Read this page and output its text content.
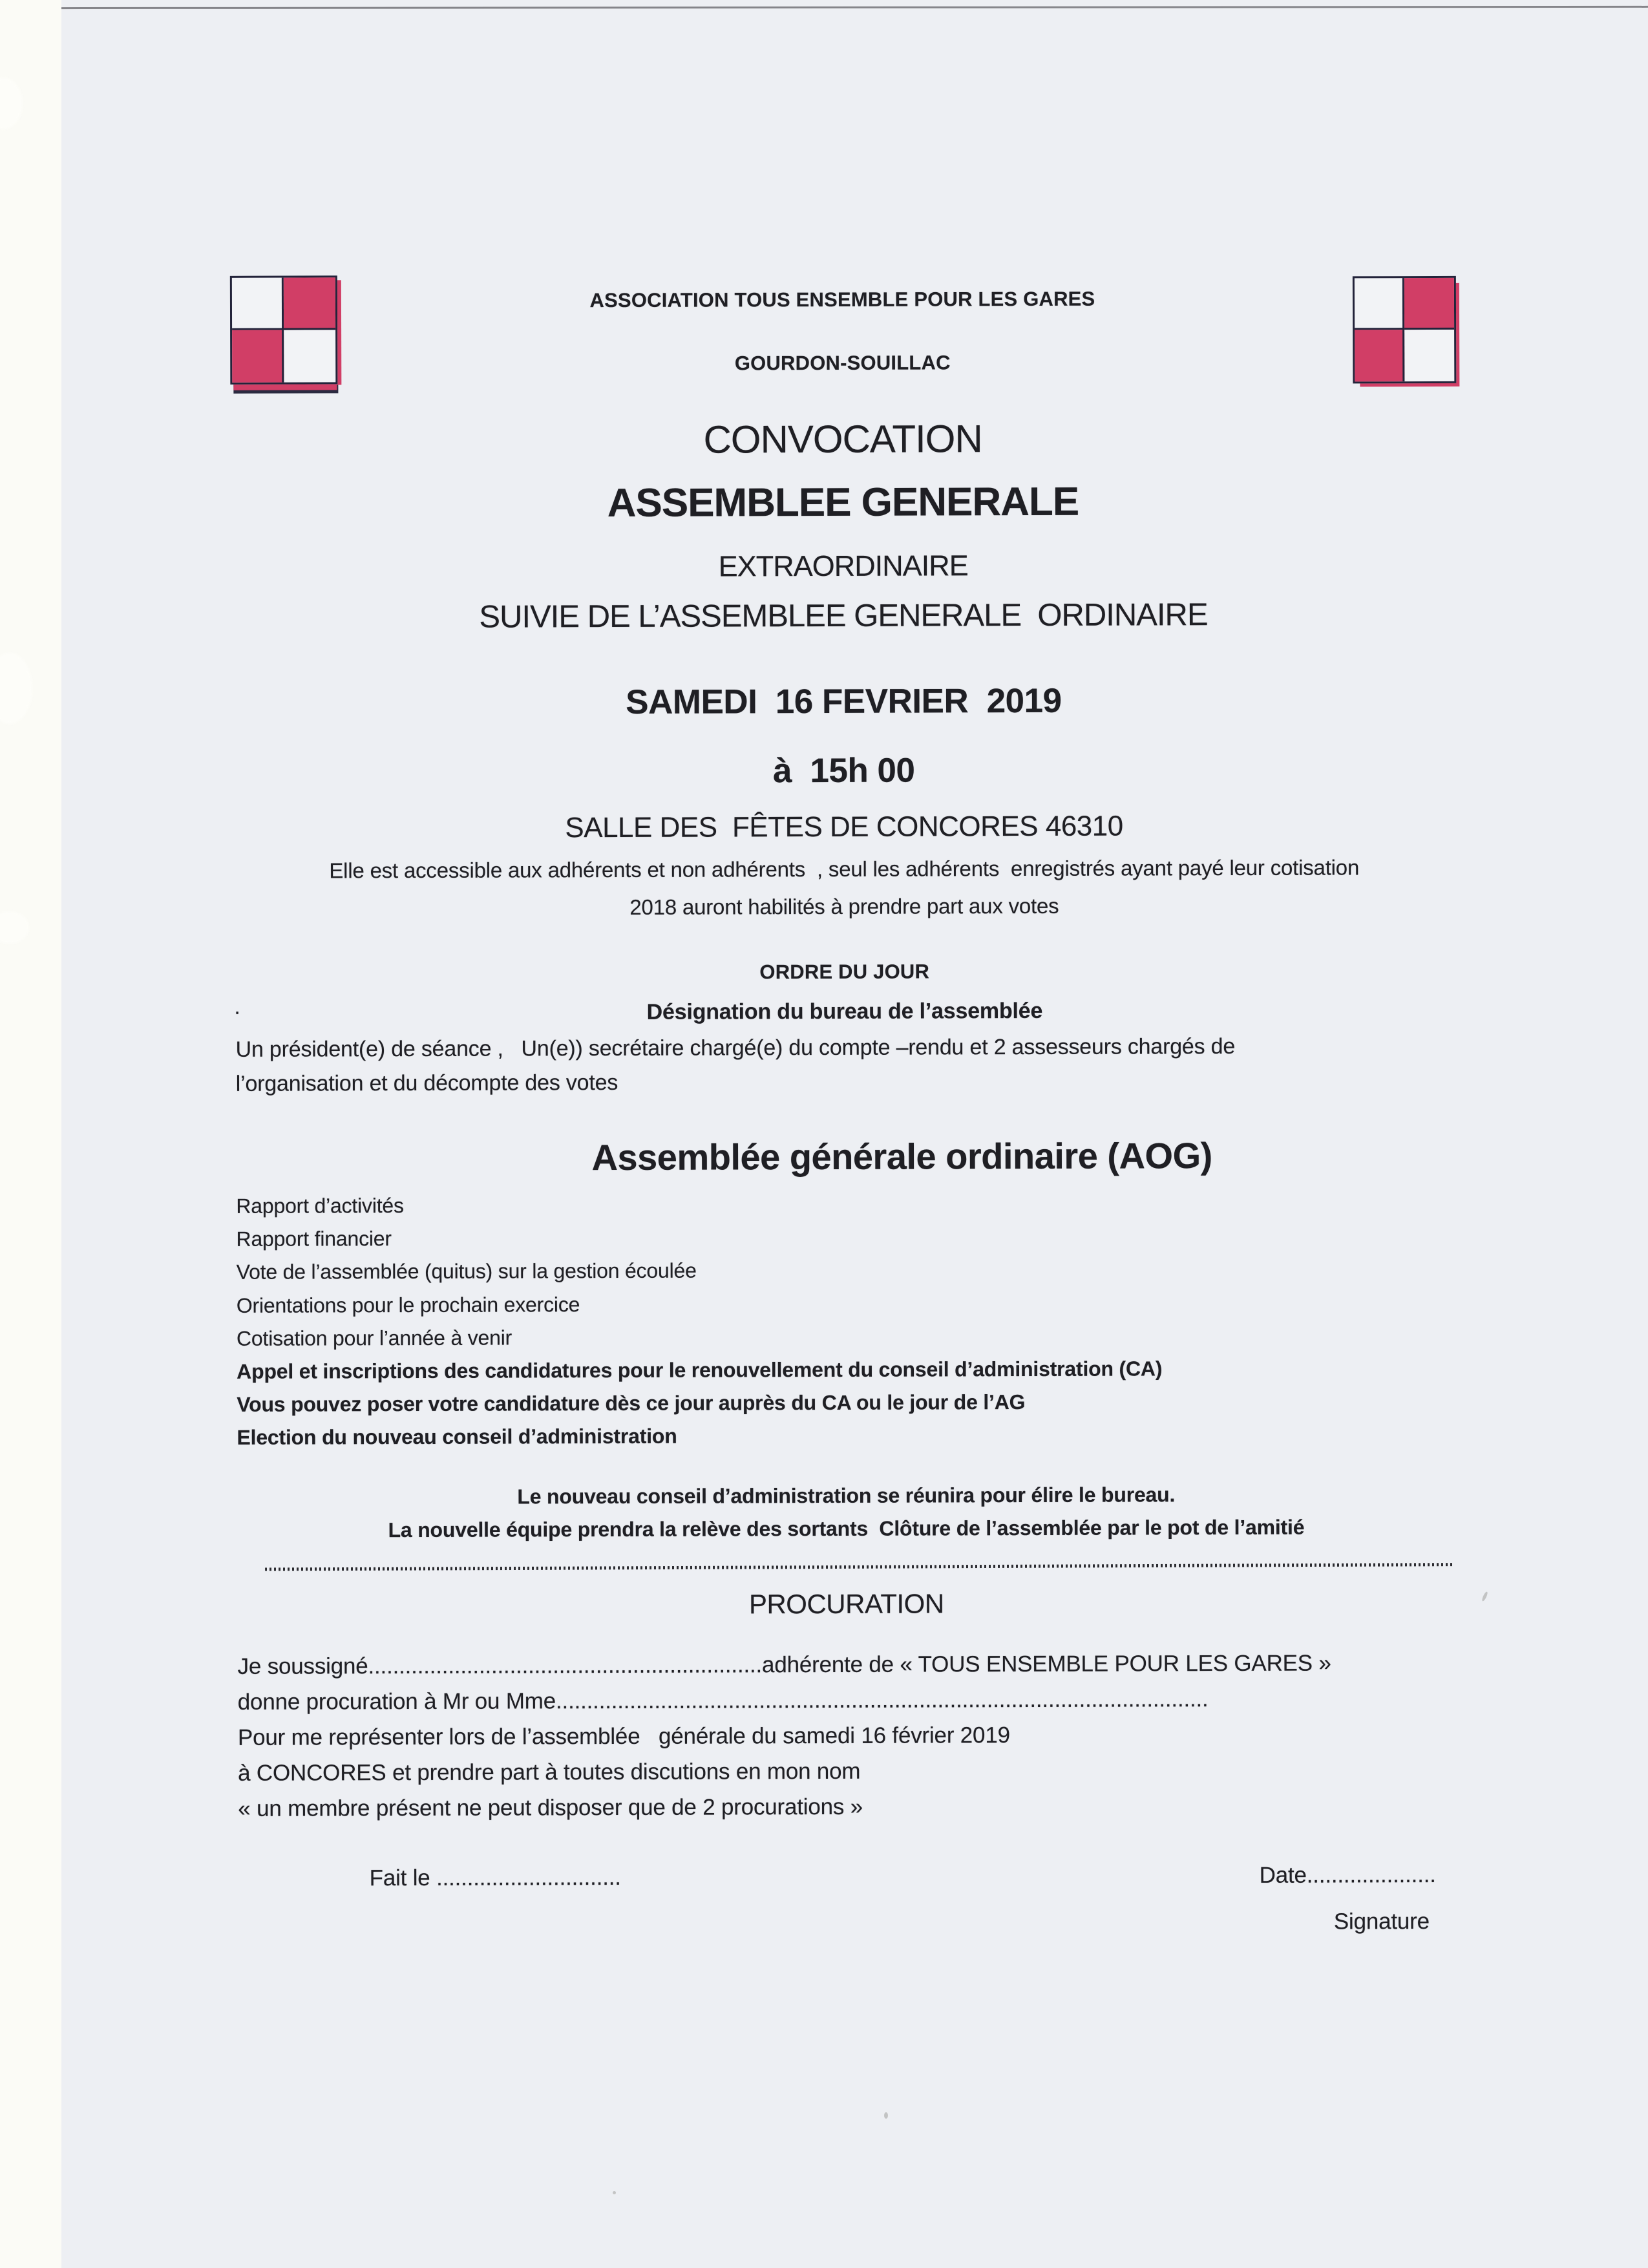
ASSOCIATION TOUS ENSEMBLE POUR LES GARES
GOURDON-SOUILLAC
CONVOCATION
ASSEMBLEE GENERALE
EXTRAORDINAIRE
SUIVIE DE L’ASSEMBLEE GENERALE  ORDINAIRE
SAMEDI  16 FEVRIER  2019
à  15h 00
SALLE DES  FÊTES DE CONCORES 46310
Elle est accessible aux adhérents et non adhérents  , seul les adhérents  enregistrés ayant payé leur cotisation
2018 auront habilités à prendre part aux votes
ORDRE DU JOUR
.	Désignation du bureau de l’assemblée
Un président(e) de séance ,   Un(e)) secrétaire chargé(e) du compte –rendu et 2 assesseurs chargés de
l’organisation et du décompte des votes
Assemblée générale ordinaire (AOG)
Rapport d’activités
Rapport financier
Vote de l’assemblée (quitus) sur la gestion écoulée
Orientations pour le prochain exercice
Cotisation pour l’année à venir
Appel et inscriptions des candidatures pour le renouvellement du conseil d’administration (CA)
Vous pouvez poser votre candidature dès ce jour auprès du CA ou le jour de l’AG
Election du nouveau conseil d’administration
Le nouveau conseil d’administration se réunira pour élire le bureau.
La nouvelle équipe prendra la relève des sortants  Clôture de l’assemblée par le pot de l’amitié
PROCURATION
Je soussigné................................................................adhérente de « TOUS ENSEMBLE POUR LES GARES »
donne procuration à Mr ou Mme..........................................................................................................
Pour me représenter lors de l’assemblée   générale du samedi 16 février 2019
à CONCORES et prendre part à toutes discutions en mon nom
« un membre présent ne peut disposer que de 2 procurations »
Fait le ..............................	Date.....................
Signature
